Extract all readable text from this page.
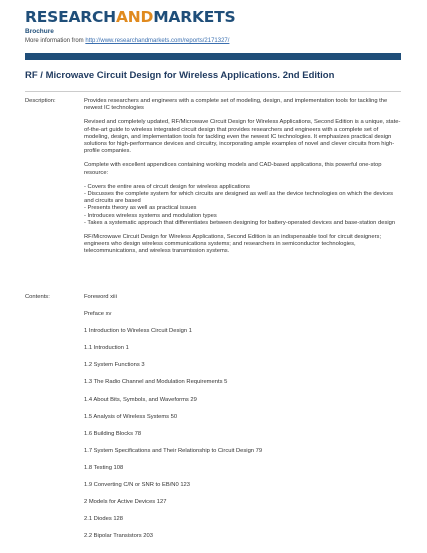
RESEARCHANDMARKETS
Brochure
More information from http://www.researchandmarkets.com/reports/2171327/
RF / Microwave Circuit Design for Wireless Applications. 2nd Edition
Description:	Provides researchers and engineers with a complete set of modeling, design, and implementation tools for tackling the newest IC technologies

Revised and completely updated, RF/Microwave Circuit Design for Wireless Applications, Second Edition is a unique, state-of-the-art guide to wireless integrated circuit design that provides researchers and engineers with a complete set of modeling, design, and implementation tools for tackling even the newest IC technologies. It emphasizes practical design solutions for high-performance devices and circuitry, incorporating ample examples of novel and clever circuits from high-profile companies.

Complete with excellent appendices containing working models and CAD-based applications, this powerful one-stop resource:

- Covers the entire area of circuit design for wireless applications
- Discusses the complete system for which circuits are designed as well as the device technologies on which the devices and circuits are based
- Presents theory as well as practical issues
- Introduces wireless systems and modulation types
- Takes a systematic approach that differentiates between designing for battery-operated devices and base-station design

RF/Microwave Circuit Design for Wireless Applications, Second Edition is an indispensable tool for circuit designers; engineers who design wireless communications systems; and researchers in semiconductor technologies, telecommunications, and wireless transmission systems.

Contents:	Foreword xiii
Preface xv
1 Introduction to Wireless Circuit Design 1
1.1 Introduction 1
1.2 System Functions 3
1.3 The Radio Channel and Modulation Requirements 5
1.4 About Bits, Symbols, and Waveforms 29
1.5 Analysis of Wireless Systems 50
1.6 Building Blocks 78
1.7 System Specifications and Their Relationship to Circuit Design 79
1.8 Testing 108
1.9 Converting C/N or SNR to EB/N0 123
2 Models for Active Devices 127
2.1 Diodes 128
2.2 Bipolar Transistors 203
